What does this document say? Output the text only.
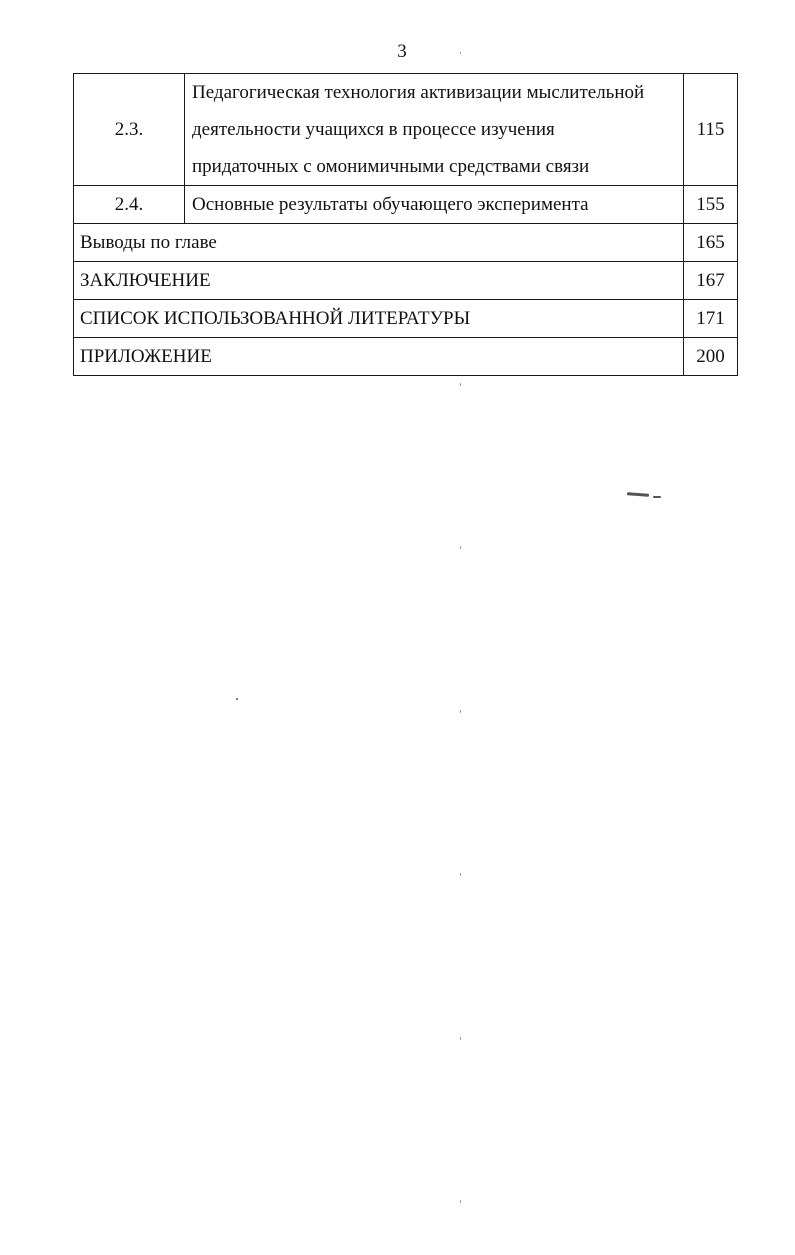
3
2.3.	Педагогическая технология активизации мыслительной
деятельности учащихся в процессе изучения
придаточных с омонимичными средствами связи	115
2.4.	Основные результаты обучающего эксперимента	155
Выводы по главе		165
ЗАКЛЮЧЕНИЕ		167
СПИСОК ИСПОЛЬЗОВАННОЙ ЛИТЕРАТУРЫ		171
ПРИЛОЖЕНИЕ		200
